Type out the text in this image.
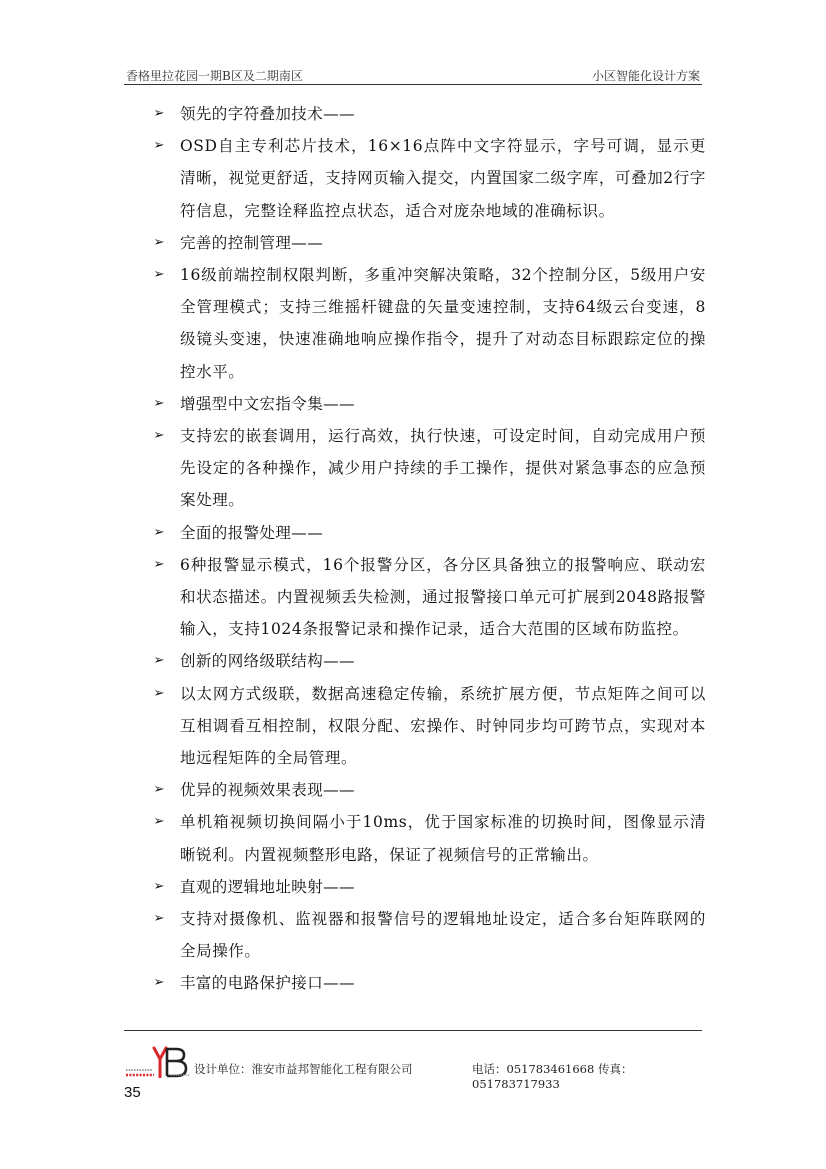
香格里拉花园一期B区及二期南区	小区智能化设计方案
➢ 领先的字符叠加技术——
➢ OSD自主专利芯片技术，16×16点阵中文字符显示，字号可调，显示更清晰，视觉更舒适，支持网页输入提交，内置国家二级字库，可叠加2行字符信息，完整诠释监控点状态，适合对庞杂地域的准确标识。
➢ 完善的控制管理——
➢ 16级前端控制权限判断，多重冲突解决策略，32个控制分区，5级用户安全管理模式；支持三维摇杆键盘的矢量变速控制，支持64级云台变速，8级镜头变速，快速准确地响应操作指令，提升了对动态目标跟踪定位的操控水平。
➢ 增强型中文宏指令集——
➢ 支持宏的嵌套调用，运行高效，执行快速，可设定时间，自动完成用户预先设定的各种操作，减少用户持续的手工操作，提供对紧急事态的应急预案处理。
➢ 全面的报警处理——
➢ 6种报警显示模式，16个报警分区，各分区具备独立的报警响应、联动宏和状态描述。内置视频丢失检测，通过报警接口单元可扩展到2048路报警输入，支持1024条报警记录和操作记录，适合大范围的区域布防监控。
➢ 创新的网络级联结构——
➢ 以太网方式级联，数据高速稳定传输，系统扩展方便，节点矩阵之间可以互相调看互相控制，权限分配、宏操作、时钟同步均可跨节点，实现对本地远程矩阵的全局管理。
➢ 优异的视频效果表现——
➢ 单机箱视频切换间隔小于10ms，优于国家标准的切换时间，图像显示清晰锐利。内置视频整形电路，保证了视频信号的正常输出。
➢ 直观的逻辑地址映射——
➢ 支持对摄像机、监视器和报警信号的逻辑地址设定，适合多台矩阵联网的全局操作。
➢ 丰富的电路保护接口——
设计单位：淮安市益邦智能化工程有限公司	电话：051783461668 传真：051783717933
35
